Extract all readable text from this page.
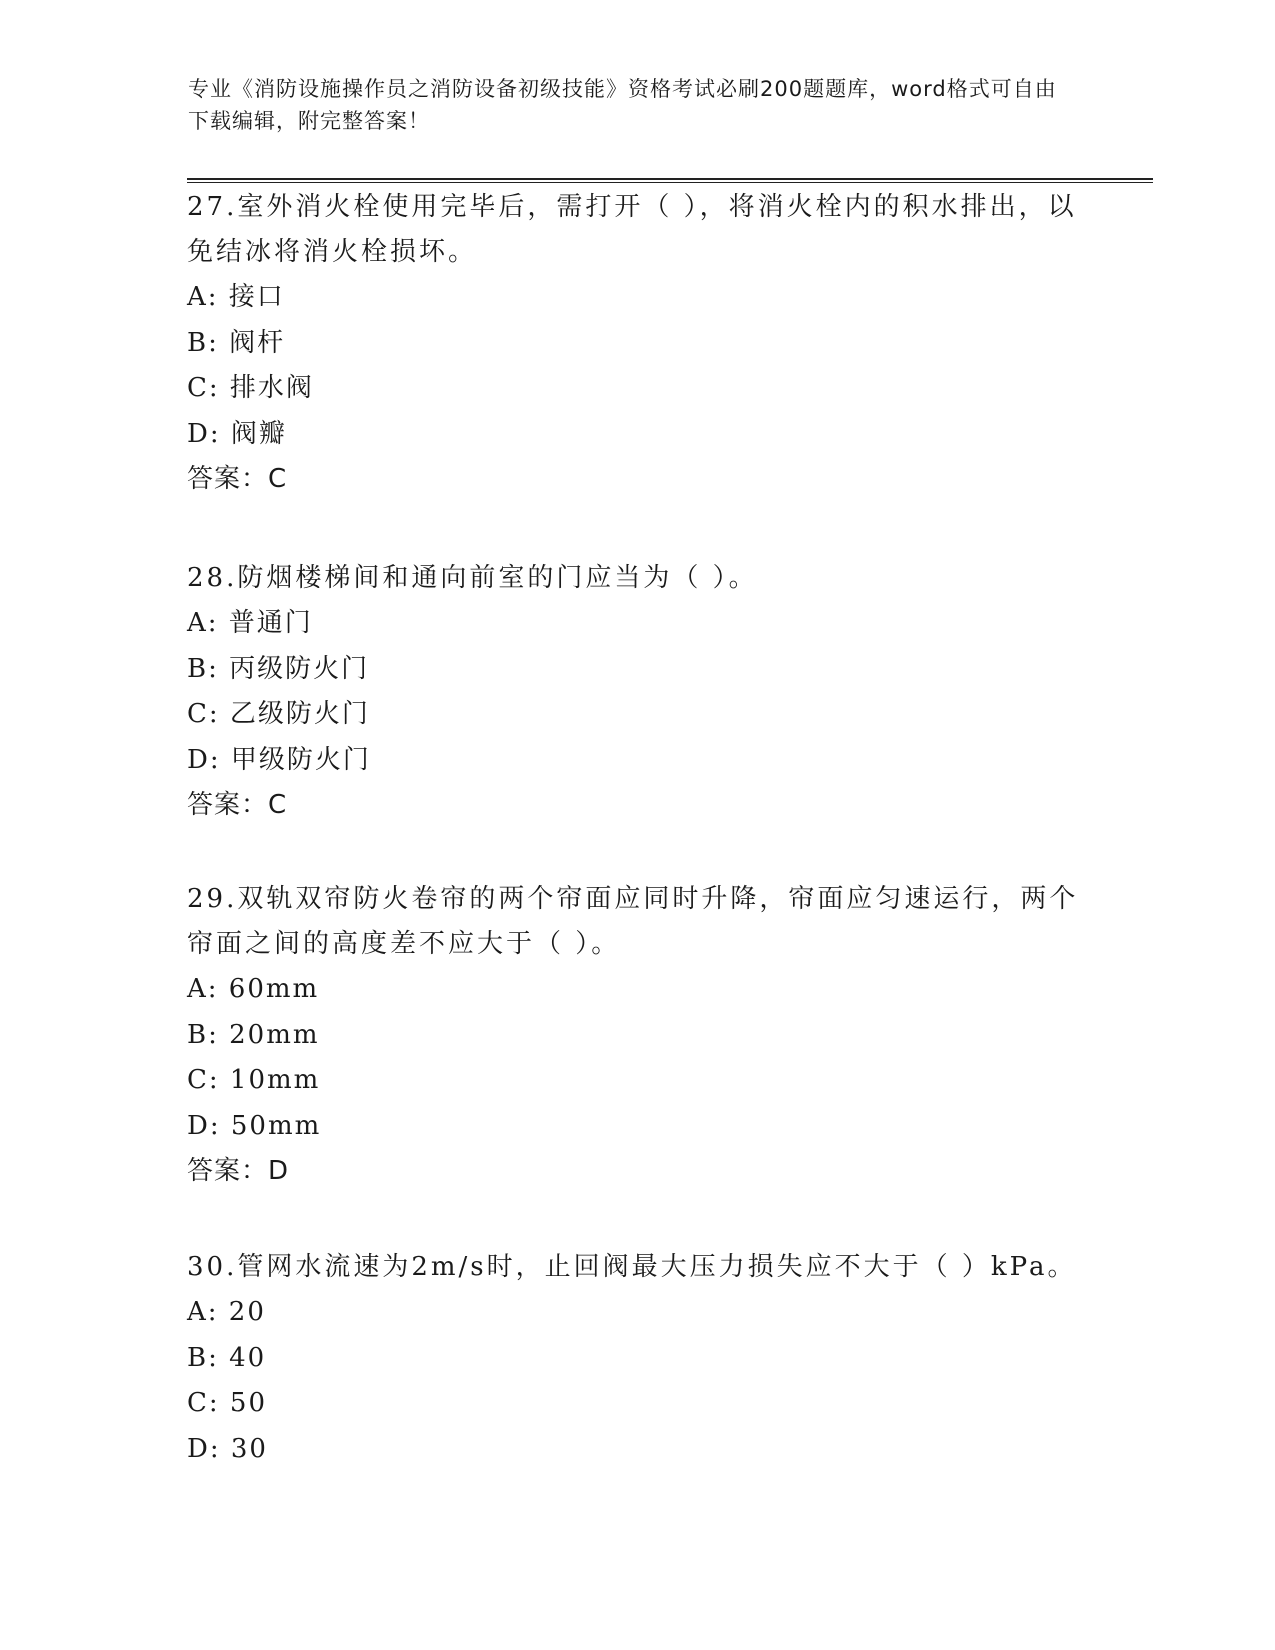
专业《消防设施操作员之消防设备初级技能》资格考试必刷200题题库，word格式可自由下载编辑，附完整答案！

27.室外消火栓使用完毕后，需打开（ ），将消火栓内的积水排出，以免结冰将消火栓损坏。

A: 接口

B: 阀杆

C: 排水阀

D: 阀瓣

答案：C

28.防烟楼梯间和通向前室的门应当为（ ）。

A: 普通门

B: 丙级防火门

C: 乙级防火门

D: 甲级防火门

答案：C

29.双轨双帘防火卷帘的两个帘面应同时升降，帘面应匀速运行，两个帘面之间的高度差不应大于（ ）。

A: 60mm

B: 20mm

C: 10mm

D: 50mm

答案：D

30.管网水流速为2m/s时，止回阀最大压力损失应不大于（ ）kPa。

A: 20

B: 40

C: 50

D: 30
